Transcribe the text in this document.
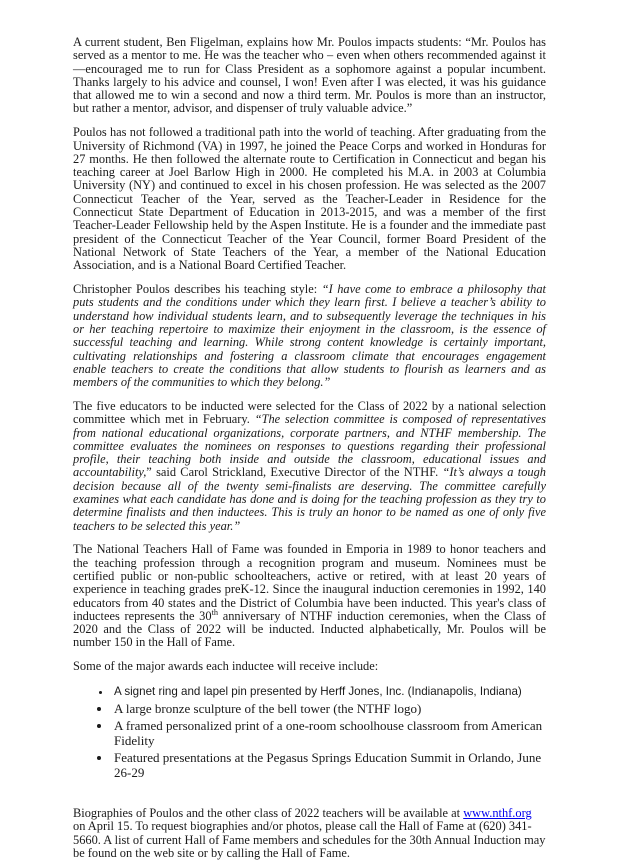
A current student, Ben Fligelman, explains how Mr. Poulos impacts students: “Mr. Poulos has served as a mentor to me. He was the teacher who – even when others recommended against it—encouraged me to run for Class President as a sophomore against a popular incumbent. Thanks largely to his advice and counsel, I won! Even after I was elected, it was his guidance that allowed me to win a second and now a third term. Mr. Poulos is more than an instructor, but rather a mentor, advisor, and dispenser of truly valuable advice.”

Poulos has not followed a traditional path into the world of teaching. After graduating from the University of Richmond (VA) in 1997, he joined the Peace Corps and worked in Honduras for 27 months. He then followed the alternate route to Certification in Connecticut and began his teaching career at Joel Barlow High in 2000. He completed his M.A. in 2003 at Columbia University (NY) and continued to excel in his chosen profession. He was selected as the 2007 Connecticut Teacher of the Year, served as the Teacher-Leader in Residence for the Connecticut State Department of Education in 2013-2015, and was a member of the first Teacher-Leader Fellowship held by the Aspen Institute. He is a founder and the immediate past president of the Connecticut Teacher of the Year Council, former Board President of the National Network of State Teachers of the Year, a member of the National Education Association, and is a National Board Certified Teacher.

Christopher Poulos describes his teaching style: “I have come to embrace a philosophy that puts students and the conditions under which they learn first. I believe a teacher’s ability to understand how individual students learn, and to subsequently leverage the techniques in his or her teaching repertoire to maximize their enjoyment in the classroom, is the essence of successful teaching and learning. While strong content knowledge is certainly important, cultivating relationships and fostering a classroom climate that encourages engagement enable teachers to create the conditions that allow students to flourish as learners and as members of the communities to which they belong.”

The five educators to be inducted were selected for the Class of 2022 by a national selection committee which met in February. “The selection committee is composed of representatives from national educational organizations, corporate partners, and NTHF membership. The committee evaluates the nominees on responses to questions regarding their professional profile, their teaching both inside and outside the classroom, educational issues and accountability,” said Carol Strickland, Executive Director of the NTHF. “It’s always a tough decision because all of the twenty semi-finalists are deserving. The committee carefully examines what each candidate has done and is doing for the teaching profession as they try to determine finalists and then inductees. This is truly an honor to be named as one of only five teachers to be selected this year.”

The National Teachers Hall of Fame was founded in Emporia in 1989 to honor teachers and the teaching profession through a recognition program and museum. Nominees must be certified public or non-public schoolteachers, active or retired, with at least 20 years of experience in teaching grades preK-12. Since the inaugural induction ceremonies in 1992, 140 educators from 40 states and the District of Columbia have been inducted. This year's class of inductees represents the 30th anniversary of NTHF induction ceremonies, when the Class of 2020 and the Class of 2022 will be inducted. Inducted alphabetically, Mr. Poulos will be number 150 in the Hall of Fame.

Some of the major awards each inductee will receive include:

• A signet ring and lapel pin presented by Herff Jones, Inc. (Indianapolis, Indiana)
• A large bronze sculpture of the bell tower (the NTHF logo)
• A framed personalized print of a one-room schoolhouse classroom from American Fidelity
• Featured presentations at the Pegasus Springs Education Summit in Orlando, June 26-29

Biographies of Poulos and the other class of 2022 teachers will be available at www.nthf.org on April 15. To request biographies and/or photos, please call the Hall of Fame at (620) 341-5660. A list of current Hall of Fame members and schedules for the 30th Annual Induction may be found on the web site or by calling the Hall of Fame.
